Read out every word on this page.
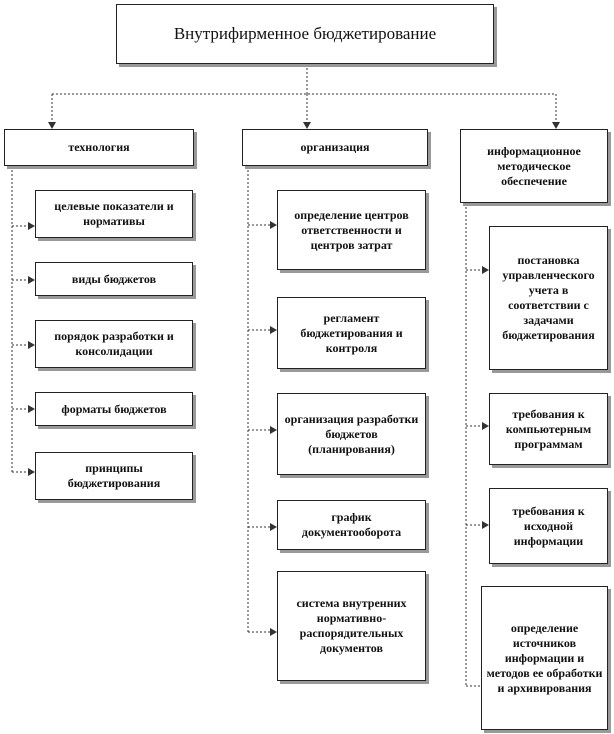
Внутрифирменное бюджетирование
технология	организация	информационное методическое обеспечение
целевые показатели и нормативы
виды бюджетов
порядок разработки и консолидации
форматы бюджетов
принципы бюджетирования
определение центров ответственности и центров затрат
регламент бюджетирования и контроля
организация разработки бюджетов (планирования)
график документооборота
система внутренних нормативно-распорядительных документов
постановка управленческого учета в соответствии с задачами бюджетирования
требования к компьютерным программам
требования к исходной информации
определение источников информации и методов ее обработки и архивирования
